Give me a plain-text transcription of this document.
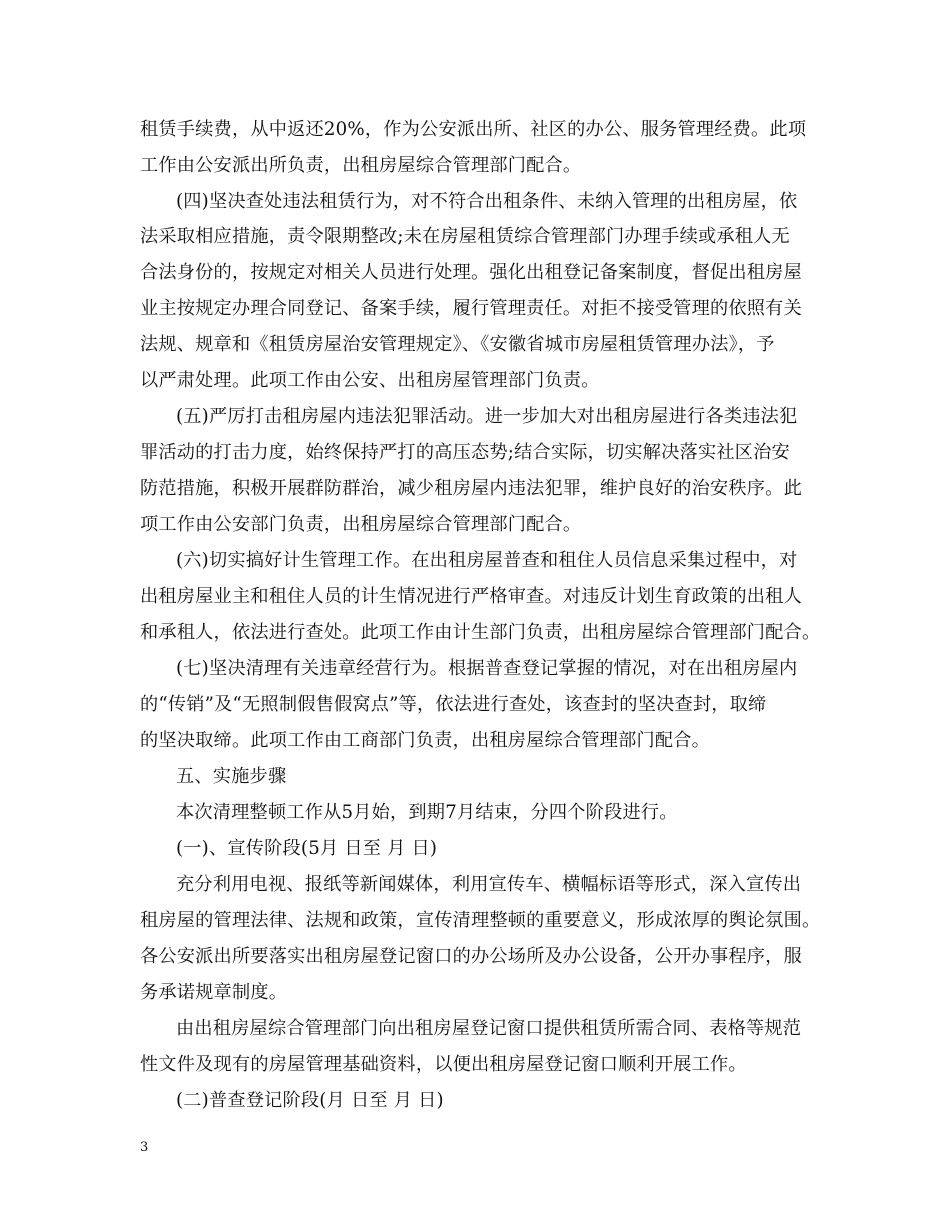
租赁手续费，从中返还20%，作为公安派出所、社区的办公、服务管理经费。此项
工作由公安派出所负责，出租房屋综合管理部门配合。
(四)坚决查处违法租赁行为，对不符合出租条件、未纳入管理的出租房屋，依
法采取相应措施，责令限期整改;未在房屋租赁综合管理部门办理手续或承租人无
合法身份的，按规定对相关人员进行处理。强化出租登记备案制度，督促出租房屋
业主按规定办理合同登记、备案手续，履行管理责任。对拒不接受管理的依照有关
法规、规章和《租赁房屋治安管理规定》、《安徽省城市房屋租赁管理办法》，予
以严肃处理。此项工作由公安、出租房屋管理部门负责。
(五)严厉打击租房屋内违法犯罪活动。进一步加大对出租房屋进行各类违法犯
罪活动的打击力度，始终保持严打的高压态势;结合实际，切实解决落实社区治安
防范措施，积极开展群防群治，减少租房屋内违法犯罪，维护良好的治安秩序。此
项工作由公安部门负责，出租房屋综合管理部门配合。
(六)切实搞好计生管理工作。在出租房屋普查和租住人员信息采集过程中，对
出租房屋业主和租住人员的计生情况进行严格审查。对违反计划生育政策的出租人
和承租人，依法进行查处。此项工作由计生部门负责，出租房屋综合管理部门配合。
(七)坚决清理有关违章经营行为。根据普查登记掌握的情况，对在出租房屋内
的“传销”及“无照制假售假窝点”等，依法进行查处，该查封的坚决查封，取缔
的坚决取缔。此项工作由工商部门负责，出租房屋综合管理部门配合。
五、实施步骤
本次清理整顿工作从5月始，到期7月结束，分四个阶段进行。
(一)、宣传阶段(5月 日至 月 日)
充分利用电视、报纸等新闻媒体，利用宣传车、横幅标语等形式，深入宣传出
租房屋的管理法律、法规和政策，宣传清理整顿的重要意义，形成浓厚的舆论氛围。
各公安派出所要落实出租房屋登记窗口的办公场所及办公设备，公开办事程序，服
务承诺规章制度。
由出租房屋综合管理部门向出租房屋登记窗口提供租赁所需合同、表格等规范
性文件及现有的房屋管理基础资料，以便出租房屋登记窗口顺利开展工作。
(二)普查登记阶段(月 日至 月 日)
3
